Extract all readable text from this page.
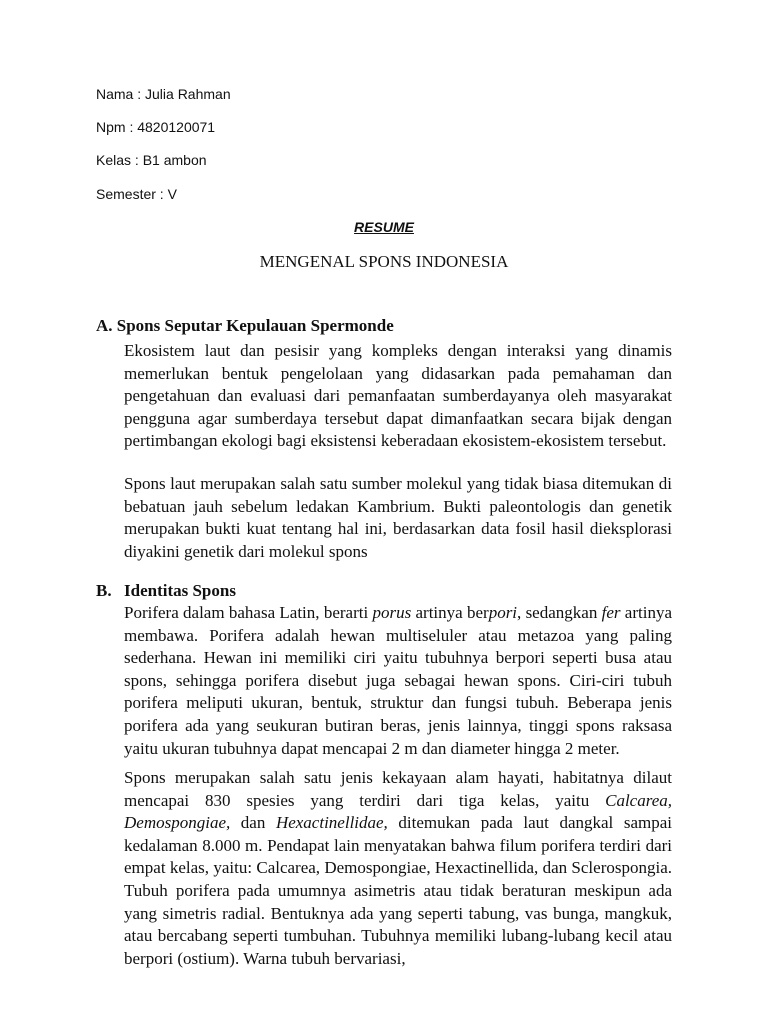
Nama : Julia Rahman
Npm : 4820120071
Kelas : B1 ambon
Semester : V
RESUME
MENGENAL SPONS INDONESIA
A. Spons Seputar Kepulauan Spermonde
Ekosistem laut dan pesisir yang kompleks dengan interaksi yang dinamis memerlukan bentuk pengelolaan yang didasarkan pada pemahaman dan pengetahuan dan evaluasi dari pemanfaatan sumberdayanya oleh masyarakat pengguna agar sumberdaya tersebut dapat dimanfaatkan secara bijak dengan pertimbangan ekologi bagi eksistensi keberadaan ekosistem-ekosistem tersebut.
Spons laut merupakan salah satu sumber molekul yang tidak biasa ditemukan di bebatuan jauh sebelum ledakan Kambrium. Bukti paleontologis dan genetik merupakan bukti kuat tentang hal ini, berdasarkan data fosil hasil dieksplorasi diyakini genetik dari molekul spons
B. Identitas Spons
Porifera dalam bahasa Latin, berarti porus artinya berpori, sedangkan fer artinya membawa. Porifera adalah hewan multiseluler atau metazoa yang paling sederhana. Hewan ini memiliki ciri yaitu tubuhnya berpori seperti busa atau spons, sehingga porifera disebut juga sebagai hewan spons. Ciri-ciri tubuh porifera meliputi ukuran, bentuk, struktur dan fungsi tubuh. Beberapa jenis porifera ada yang seukuran butiran beras, jenis lainnya, tinggi spons raksasa yaitu ukuran tubuhnya dapat mencapai 2 m dan diameter hingga 2 meter.
Spons merupakan salah satu jenis kekayaan alam hayati, habitatnya dilaut mencapai 830 spesies yang terdiri dari tiga kelas, yaitu Calcarea, Demospongiae, dan Hexactinellidae, ditemukan pada laut dangkal sampai kedalaman 8.000 m. Pendapat lain menyatakan bahwa filum porifera terdiri dari empat kelas, yaitu: Calcarea, Demospongiae, Hexactinellida, dan Sclerospongia. Tubuh porifera pada umumnya asimetris atau tidak beraturan meskipun ada yang simetris radial. Bentuknya ada yang seperti tabung, vas bunga, mangkuk, atau bercabang seperti tumbuhan. Tubuhnya memiliki lubang-lubang kecil atau berpori (ostium). Warna tubuh bervariasi,
